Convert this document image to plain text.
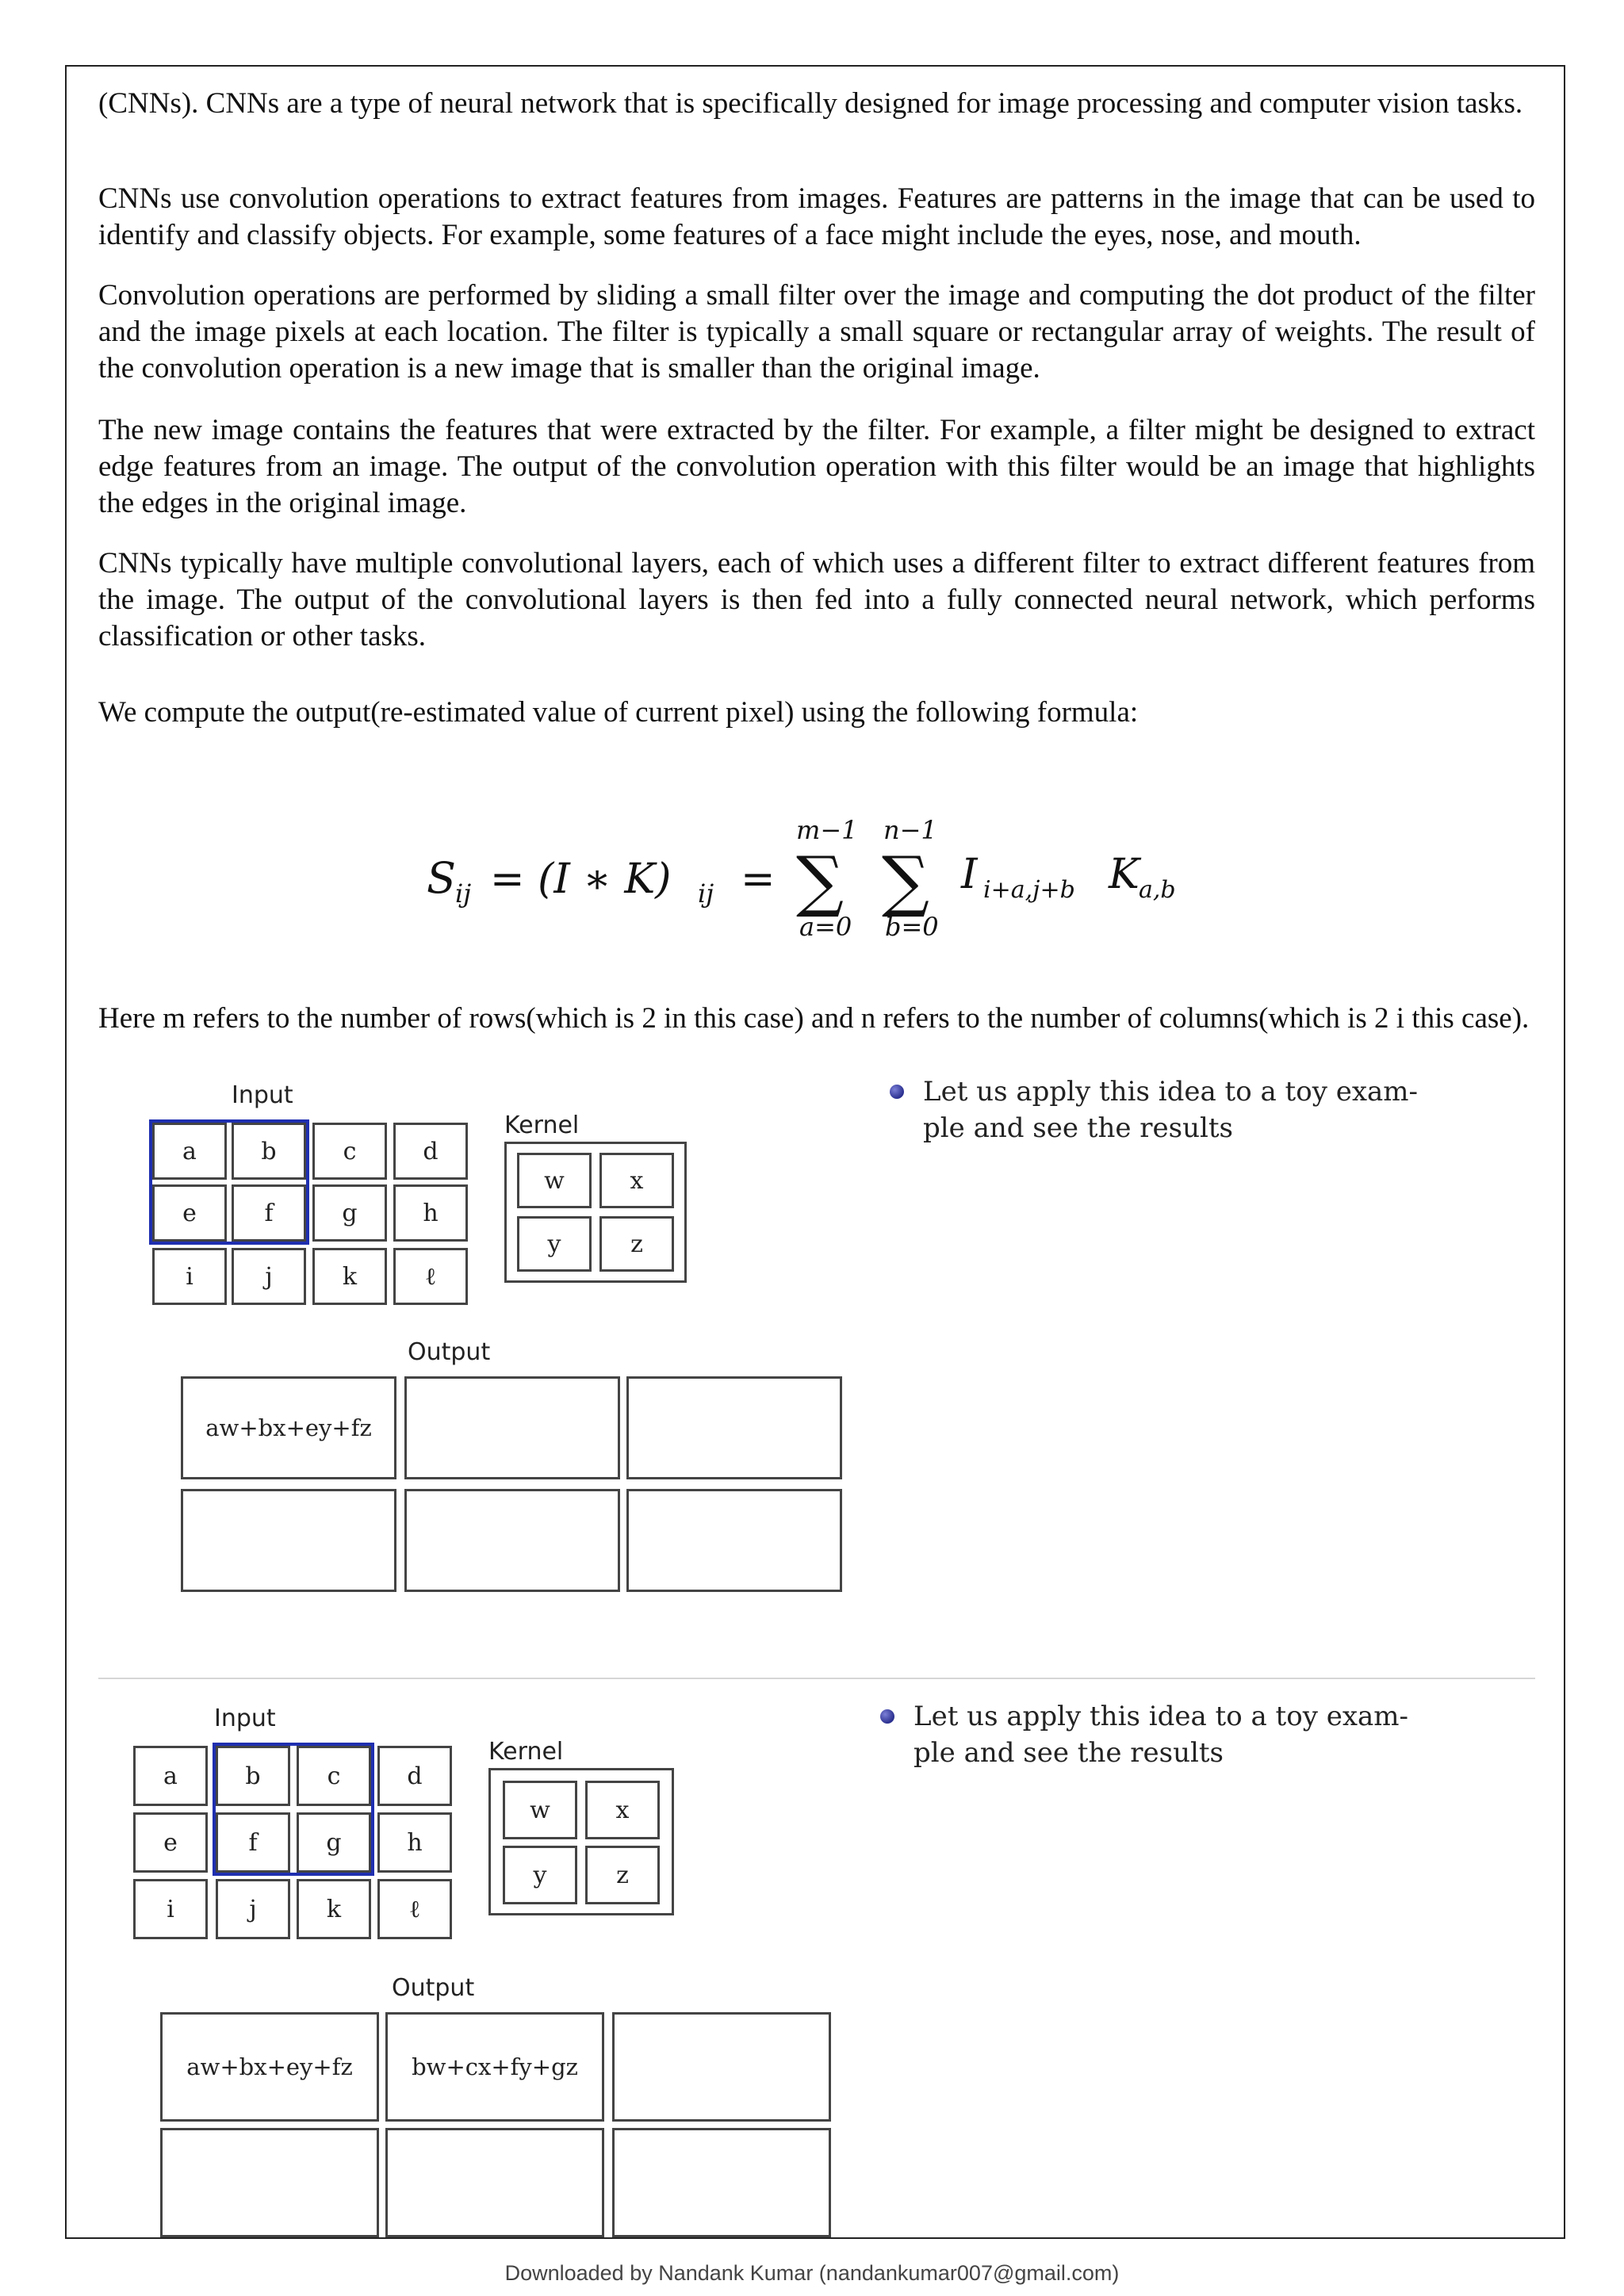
(CNNs). CNNs are a type of neural network that is specifically designed for image processing and computer vision tasks.
CNNs use convolution operations to extract features from images. Features are patterns in the image that can be used to identify and classify objects. For example, some features of a face might include the eyes, nose, and mouth.
Convolution operations are performed by sliding a small filter over the image and computing the dot product of the filter and the image pixels at each location. The filter is typically a small square or rectangular array of weights. The result of the convolution operation is a new image that is smaller than the original image.
The new image contains the features that were extracted by the filter. For example, a filter might be designed to extract edge features from an image. The output of the convolution operation with this filter would be an image that highlights the edges in the original image.
CNNs typically have multiple convolutional layers, each of which uses a different filter to extract different features from the image. The output of the convolutional layers is then fed into a fully connected neural network, which performs classification or other tasks.
We compute the output(re-estimated value of current pixel) using the following formula:
S ij = (I ∗ K) ij =
m−1
∑
a=0
n−1
∑
b=0
I i+a,j+b K a,b
Here m refers to the number of rows(which is 2 in this case) and n refers to the number of columns(which is 2 i this case).
Input
Kernel
Output
a	b	c	d
e	f	g	h
i	j	k	ℓ
w	x
y	z
aw+bx+ey+fz
Let us apply this idea to a toy exam-
ple and see the results
Input
Kernel
Output
a	b	c	d
e	f	g	h
i	j	k	ℓ
w	x
y	z
aw+bx+ey+fz	bw+cx+fy+gz
Let us apply this idea to a toy exam-
ple and see the results
Downloaded by Nandank Kumar (nandankumar007@gmail.com)
